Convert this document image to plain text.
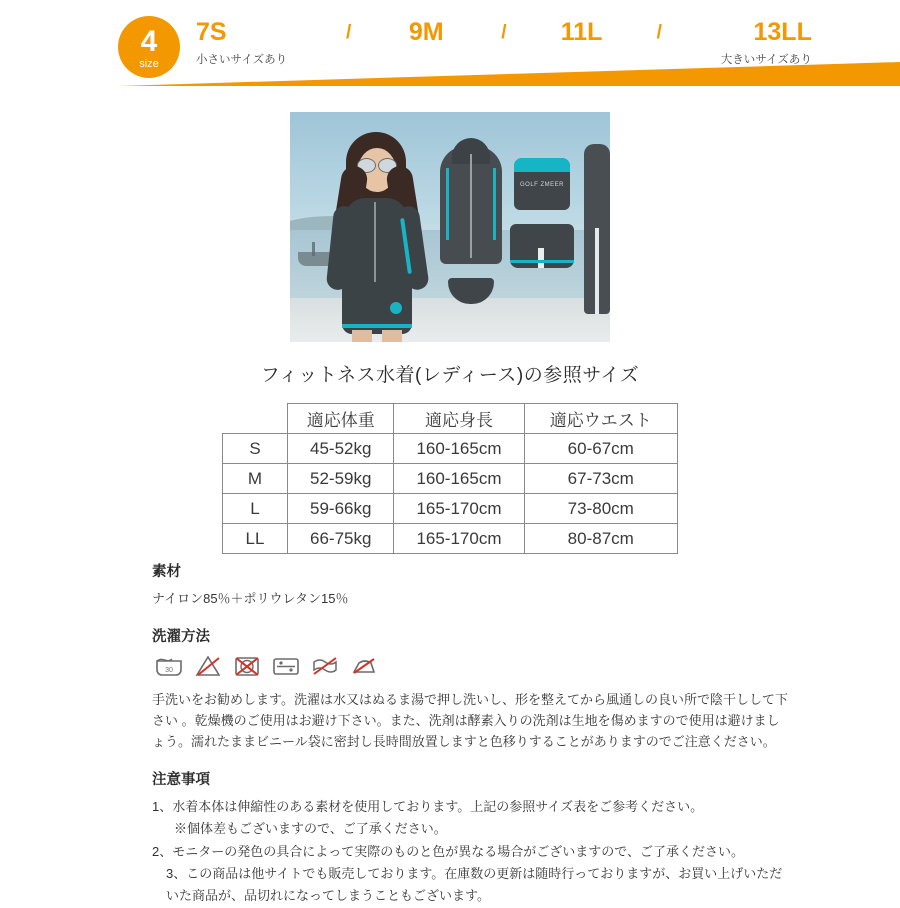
4
size
7S
小さいサイズあり
/ 9M	/ 11L	/	13LL
大きいサイズあり
GOLF ZMEER
フィットネス水着(レディース)の参照サイズ
	適応体重	適応身長	適応ウエスト
S	45-52kg	160-165cm	60-67cm
M	52-59kg	160-165cm	67-73cm
L	59-66kg	165-170cm	73-80cm
LL	66-75kg	165-170cm	80-87cm
素材
ナイロン85％＋ポリウレタン15％
洗濯方法
30
手洗いをお勧めします。洗濯は水又はぬるま湯で押し洗いし、形を整えてから風通しの良い所で陰干しして下さい 。乾燥機のご使用はお避け下さい。また、洗剤は酵素入りの洗剤は生地を傷めますので使用は避けましょう。濡れたままビニール袋に密封し長時間放置しますと色移りすることがありますのでご注意ください。
注意事項
1、水着本体は伸縮性のある素材を使用しております。上記の参照サイズ表をご参考ください。
※個体差もございますので、ご了承ください。
2、モニターの発色の具合によって実際のものと色が異なる場合がございますので、ご了承ください。
3、この商品は他サイトでも販売しております。在庫数の更新は随時行っておりますが、お買い上げいただいた商品が、品切れになってしまうこともございます。
